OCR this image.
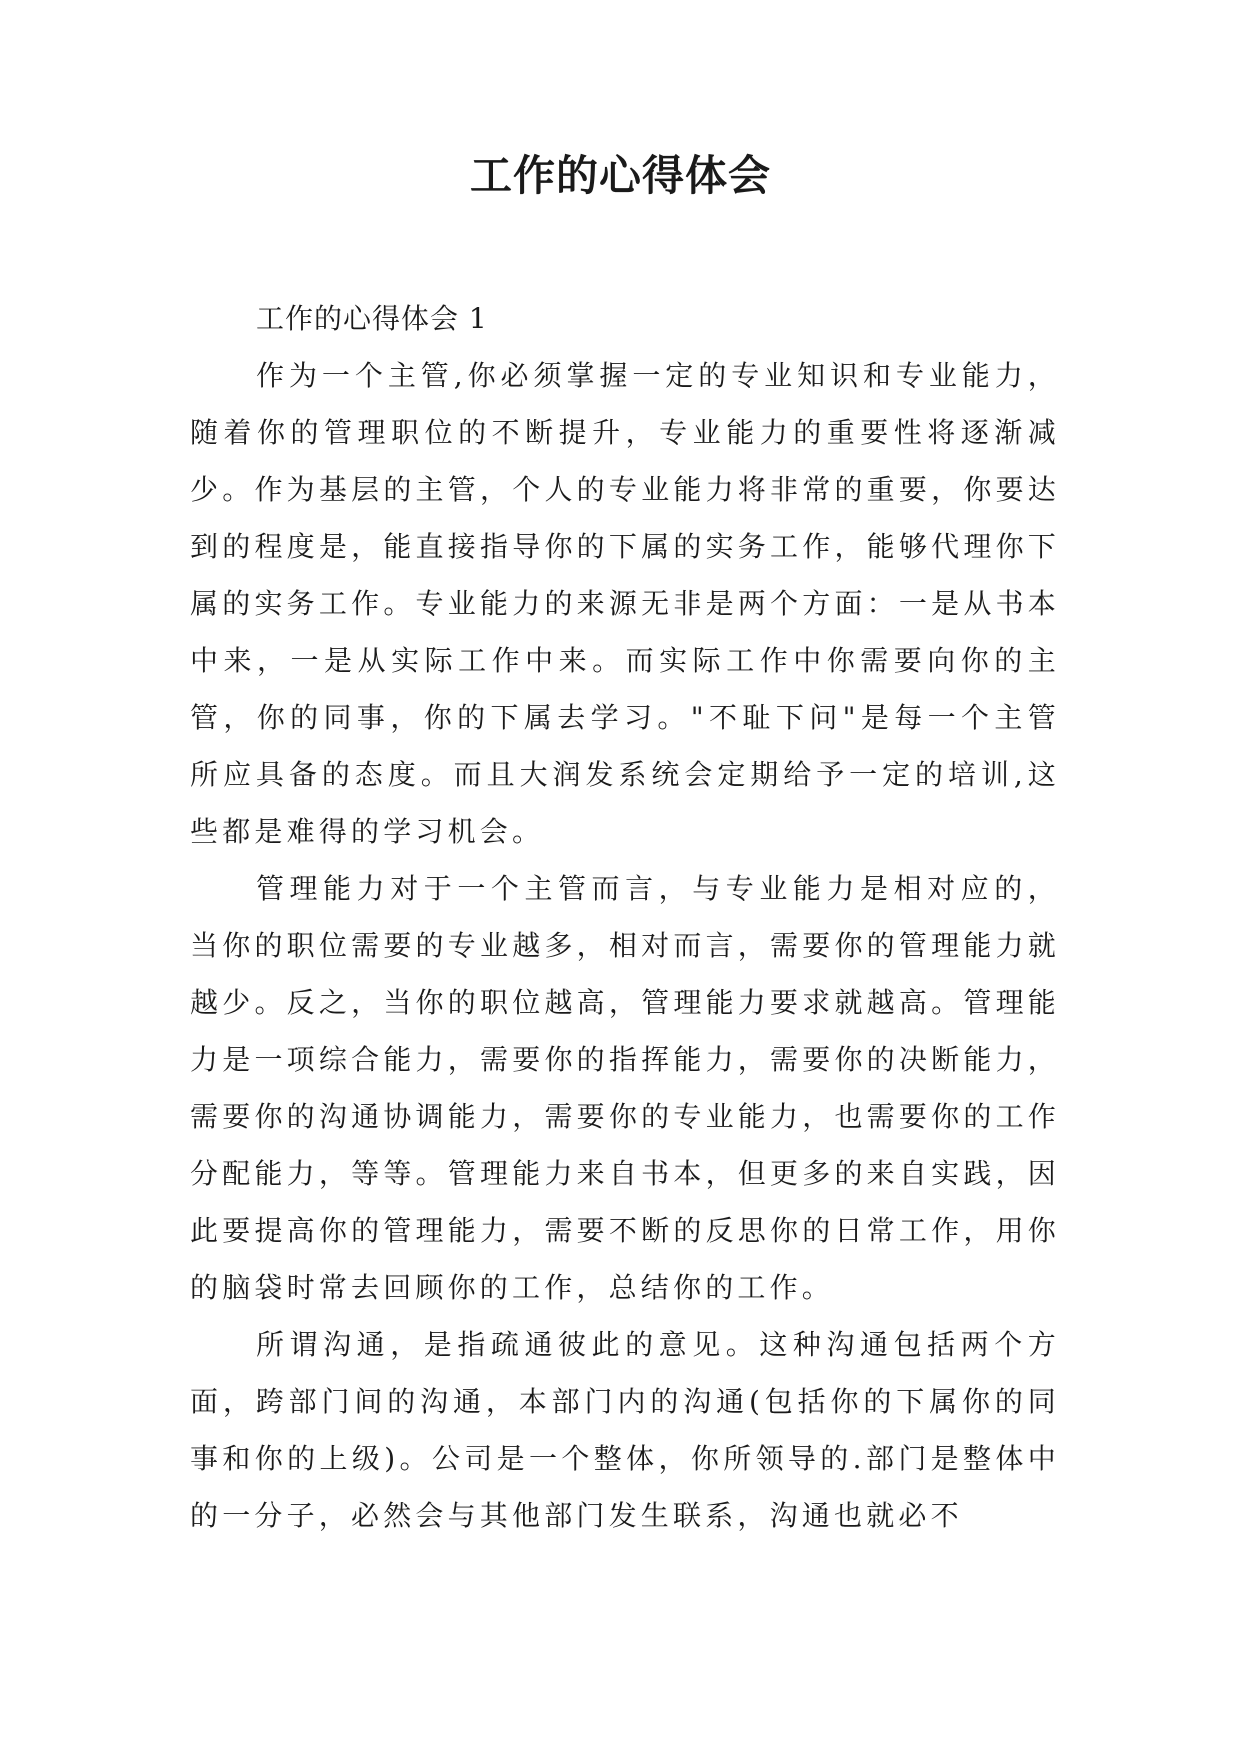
工作的心得体会

工作的心得体会 1

作为一个主管,你必须掌握一定的专业知识和专业能力，随着你的管理职位的不断提升，专业能力的重要性将逐渐减少。作为基层的主管，个人的专业能力将非常的重要，你要达到的程度是，能直接指导你的下属的实务工作，能够代理你下属的实务工作。专业能力的来源无非是两个方面：一是从书本中来，一是从实际工作中来。而实际工作中你需要向你的主管，你的同事，你的下属去学习。"不耻下问"是每一个主管所应具备的态度。而且大润发系统会定期给予一定的培训,这些都是难得的学习机会。

管理能力对于一个主管而言，与专业能力是相对应的，当你的职位需要的专业越多，相对而言，需要你的管理能力就越少。反之，当你的职位越高，管理能力要求就越高。管理能力是一项综合能力，需要你的指挥能力，需要你的决断能力，需要你的沟通协调能力，需要你的专业能力，也需要你的工作分配能力，等等。管理能力来自书本，但更多的来自实践，因此要提高你的管理能力，需要不断的反思你的日常工作，用你的脑袋时常去回顾你的工作，总结你的工作。

所谓沟通，是指疏通彼此的意见。这种沟通包括两个方面，跨部门间的沟通，本部门内的沟通(包括你的下属你的同事和你的上级)。公司是一个整体，你所领导的.部门是整体中的一分子，必然会与其他部门发生联系，沟通也就必不
